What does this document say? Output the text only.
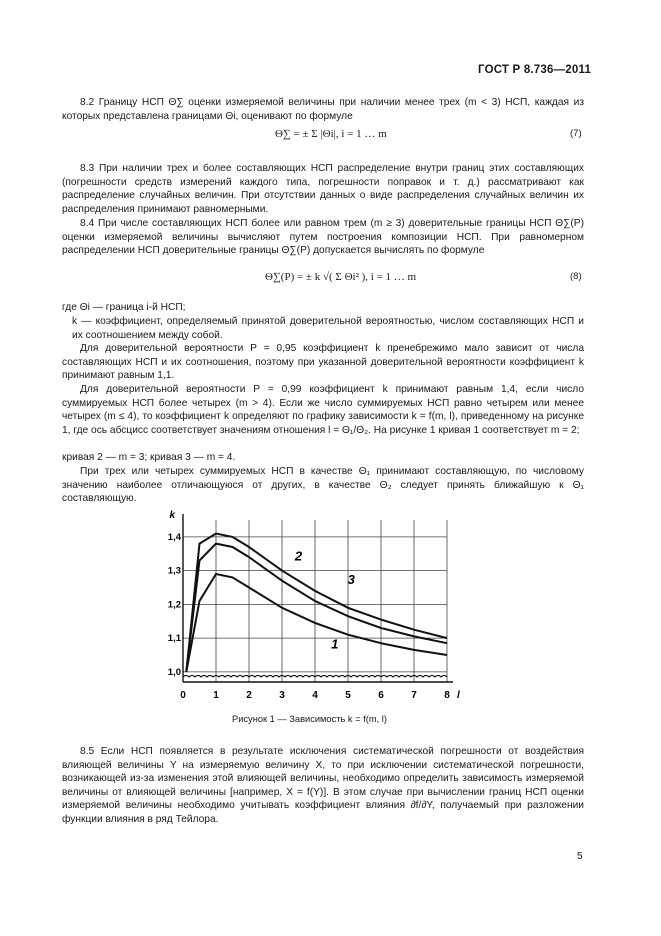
ГОСТ Р 8.736—2011

8.2 Границу НСП Θ∑ оценки измеряемой величины при наличии менее трех (m < 3) НСП, каждая из которых представлена границами Θi, оценивают по формуле

Θ∑ = ± Σ |Θi|, i = 1 … m	(7)

8.3 При наличии трех и более составляющих НСП распределение внутри границ этих составляющих (погрешности средств измерений каждого типа, погрешности поправок и т. д.) рассматривают как распределение случайных величин. При отсутствии данных о виде распределения случайных величин их распределения принимают равномерными.

8.4 При числе составляющих НСП более или равном трем (m ≥ 3) доверительные границы НСП Θ∑(P) оценки измеряемой величины вычисляют путем построения композиции НСП. При равномерном распределении НСП доверительные границы Θ∑(P) допускается вычислять по формуле

Θ∑(P) = ± k √( Σ Θi² ), i = 1 … m	(8)

где Θi — граница i-й НСП;

k — коэффициент, определяемый принятой доверительной вероятностью, числом составляющих НСП и их соотношением между собой.

Для доверительной вероятности P = 0,95 коэффициент k пренебрежимо мало зависит от числа составляющих НСП и их соотношения, поэтому при указанной доверительной вероятности коэффициент k принимают равным 1,1.

Для доверительной вероятности P = 0,99 коэффициент k принимают равным 1,4, если число суммируемых НСП более четырех (m > 4). Если же число суммируемых НСП равно четырем или менее четырех (m ≤ 4), то коэффициент k определяют по графику зависимости k = f(m, l), приведенному на рисунке 1, где ось абсцисс соответствует значениям отношения l = Θ₁/Θ₂. На рисунке 1 кривая 1 соответствует m = 2;

кривая 2 — m = 3; кривая 3 — m = 4.

При трех или четырех суммируемых НСП в качестве Θ₁ принимают составляющую, по числовому значению наиболее отличающуюся от других, в качестве Θ₂ следует принять ближайшую к Θ₁ составляющую.

k
l
0	1	2	3	4	5	6	7	8
1,0
1,1
1,2
1,3
1,4
1
2
3
Рисунок 1 — Зависимость k = f(m, l)

8.5 Если НСП появляется в результате исключения систематической погрешности от воздействия влияющей величины Y на измеряемую величину X, то при исключении систематической погрешности, возникающей из-за изменения этой влияющей величины, необходимо определить зависимость измеряемой величины от влияющей величины [например, X = f(Y)]. В этом случае при вычислении границ НСП оценки измеряемой величины необходимо учитывать коэффициент влияния ∂f/∂Y, получаемый при разложении функции влияния в ряд Тейлора.

5
